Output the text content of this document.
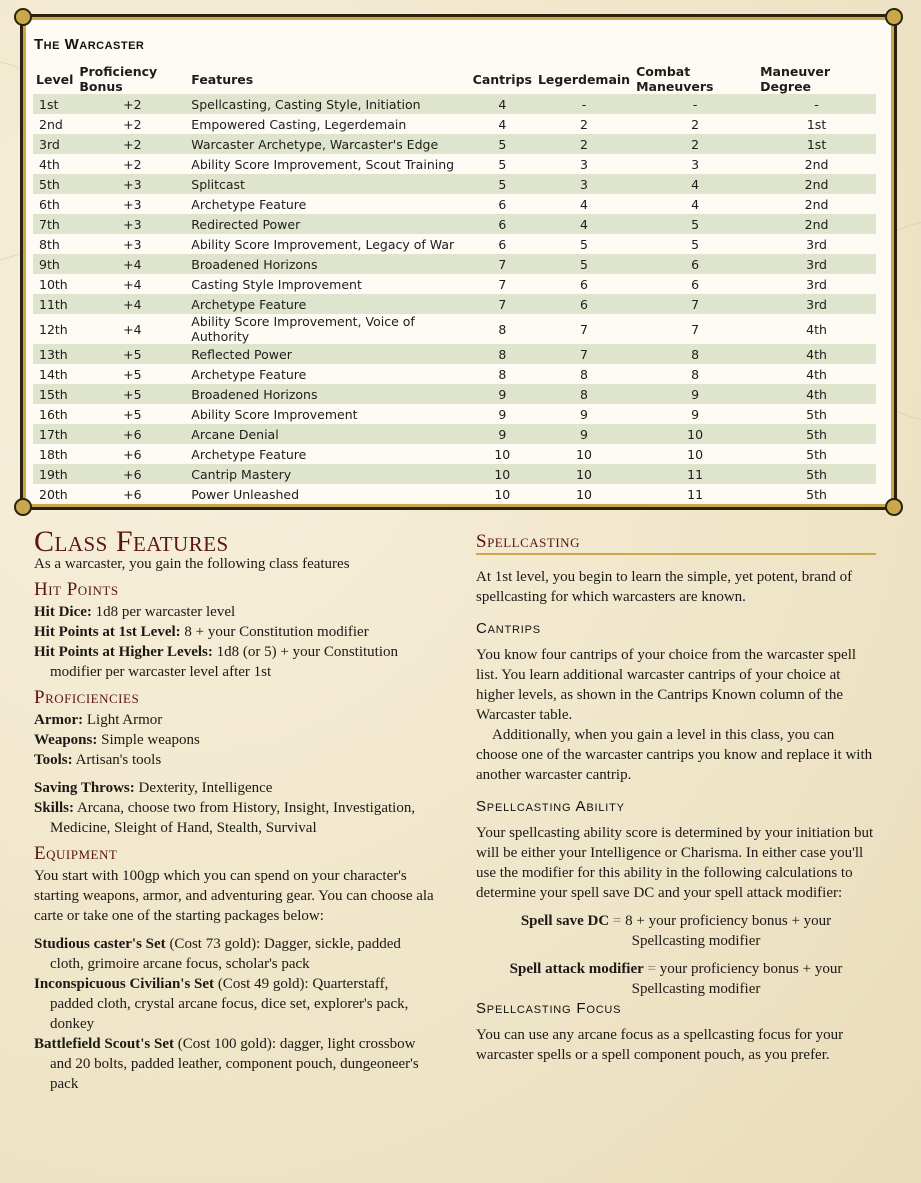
The Warcaster
Level	Proficiency Bonus	Features	Cantrips	Legerdemain	Combat Maneuvers	Maneuver Degree
1st	+2	Spellcasting, Casting Style, Initiation	4	-	-	-
2nd	+2	Empowered Casting, Legerdemain	4	2	2	1st
3rd	+2	Warcaster Archetype, Warcaster's Edge	5	2	2	1st
4th	+2	Ability Score Improvement, Scout Training	5	3	3	2nd
5th	+3	Splitcast	5	3	4	2nd
6th	+3	Archetype Feature	6	4	4	2nd
7th	+3	Redirected Power	6	4	5	2nd
8th	+3	Ability Score Improvement, Legacy of War	6	5	5	3rd
9th	+4	Broadened Horizons	7	5	6	3rd
10th	+4	Casting Style Improvement	7	6	6	3rd
11th	+4	Archetype Feature	7	6	7	3rd
12th	+4	Ability Score Improvement, Voice of Authority	8	7	7	4th
13th	+5	Reflected Power	8	7	8	4th
14th	+5	Archetype Feature	8	8	8	4th
15th	+5	Broadened Horizons	9	8	9	4th
16th	+5	Ability Score Improvement	9	9	9	5th
17th	+6	Arcane Denial	9	9	10	5th
18th	+6	Archetype Feature	10	10	10	5th
19th	+6	Cantrip Mastery	10	10	11	5th
20th	+6	Power Unleashed	10	10	11	5th
Class Features

As a warcaster, you gain the following class features

Hit Points

Hit Dice: 1d8 per warcaster level

Hit Points at 1st Level: 8 + your Constitution modifier

Hit Points at Higher Levels: 1d8 (or 5) + your Constitution modifier per warcaster level after 1st

Proficiencies

Armor: Light Armor

Weapons: Simple weapons

Tools: Artisan's tools

Saving Throws: Dexterity, Intelligence

Skills: Arcana, choose two from History, Insight, Investigation, Medicine, Sleight of Hand, Stealth, Survival

Equipment

You start with 100gp which you can spend on your character's starting weapons, armor, and adventuring gear. You can choose ala carte or take one of the starting packages below:

Studious caster's Set (Cost 73 gold): Dagger, sickle, padded cloth, grimoire arcane focus, scholar's pack

Inconspicuous Civilian's Set (Cost 49 gold): Quarterstaff, padded cloth, crystal arcane focus, dice set, explorer's pack, donkey

Battlefield Scout's Set (Cost 100 gold): dagger, light crossbow and 20 bolts, padded leather, component pouch, dungeoneer's pack

Spellcasting

At 1st level, you begin to learn the simple, yet potent, brand of spellcasting for which warcasters are known.

Cantrips

You know four cantrips of your choice from the warcaster spell list. You learn additional warcaster cantrips of your choice at higher levels, as shown in the Cantrips Known column of the Warcaster table.

Additionally, when you gain a level in this class, you can choose one of the warcaster cantrips you know and replace it with another warcaster cantrip.

Spellcasting Ability

Your spellcasting ability score is determined by your initiation but will be either your Intelligence or Charisma. In either case you'll use the modifier for this ability in the following calculations to determine your spell save DC and your spell attack modifier:

Spell save DC = 8 + your proficiency bonus + your
Spellcasting modifier

Spell attack modifier = your proficiency bonus + your
Spellcasting modifier

Spellcasting Focus

You can use any arcane focus as a spellcasting focus for your warcaster spells or a spell component pouch, as you prefer.
